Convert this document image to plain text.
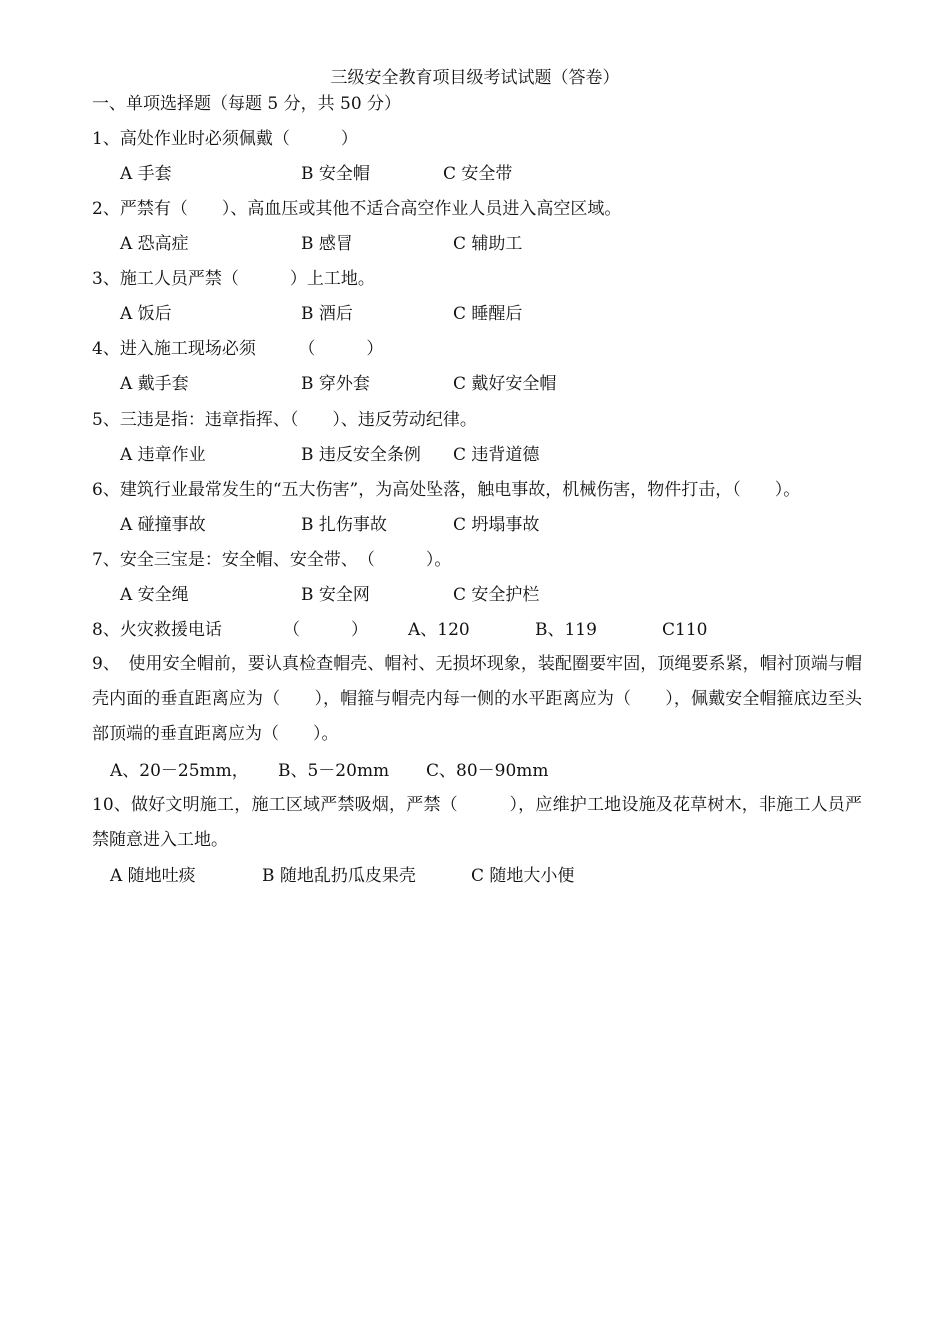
三级安全教育项目级考试试题（答卷）
一、单项选择题（每题 5 分，共 50 分）
1、高处作业时必须佩戴（　　　）
A 手套	B 安全帽	C 安全带
2、严禁有（　　）、高血压或其他不适合高空作业人员进入高空区域。
A 恐高症	B 感冒	C 辅助工
3、施工人员严禁（　　　）上工地。
A 饭后	B 酒后	C 睡醒后
4、进入施工现场必须　　　（　　　）
A 戴手套	B 穿外套	C 戴好安全帽
5、三违是指：违章指挥、（　　）、违反劳动纪律。
A 违章作业	B 违反安全条例 C 违背道德
6、建筑行业最常发生的“五大伤害”，为高处坠落，触电事故，机械伤害，物件打击，（　　）。
A 碰撞事故	B 扎伤事故	C 坍塌事故
7、安全三宝是：安全帽、安全带、　（　　　）。
A 安全绳	B 安全网	C 安全护栏
8、火灾救援电话	（　　　） A、120	B、119	C110
9、　使用安全帽前，要认真检查帽壳、帽衬、无损坏现象，装配圈要牢固，顶绳要系紧，帽衬顶端与帽壳内面的垂直距离应为（　　），帽箍与帽壳内每一侧的水平距离应为（　　），佩戴安全帽箍底边至头部顶端的垂直距离应为（　　）。
A、20－25mm， B、5－20mm C、80－90mm
10、做好文明施工，施工区域严禁吸烟，严禁（　　　），应维护工地设施及花草树木，非施工人员严禁随意进入工地。
A 随地吐痰	B 随地乱扔瓜皮果壳	C 随地大小便
